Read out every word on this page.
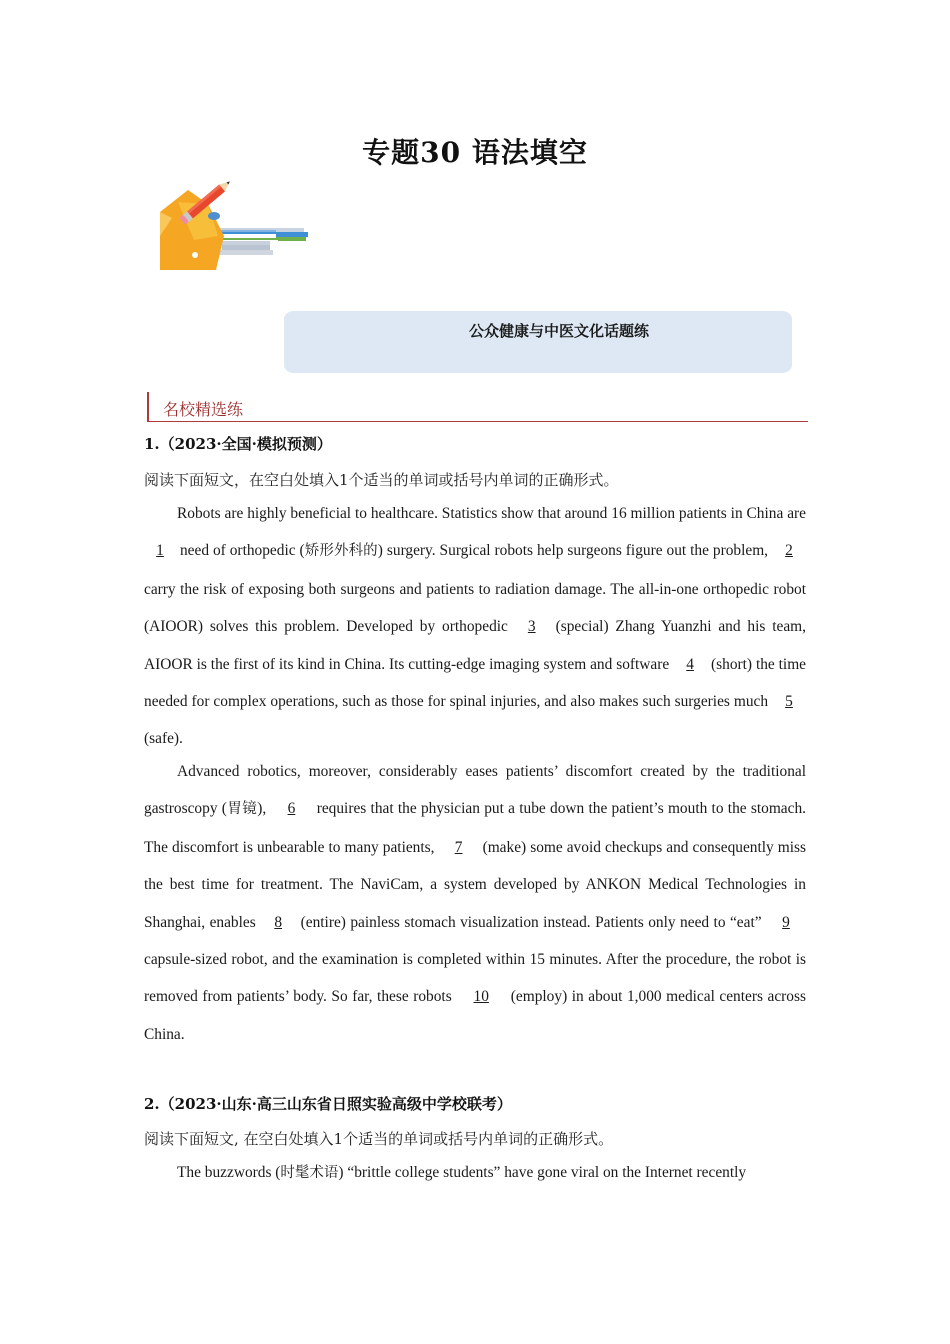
专题30 语法填空
公众健康与中医文化话题练
名校精选练
1.（2023·全国·模拟预测）
阅读下面短文，在空白处填入1个适当的单词或括号内单词的正确形式。
Robots are highly beneficial to healthcare. Statistics show that around 16 million patients in China are 1 need of orthopedic (矫形外科的) surgery. Surgical robots help surgeons figure out the problem, 2 carry the risk of exposing both surgeons and patients to radiation damage. The all-in-one orthopedic robot (AIOOR) solves this problem. Developed by orthopedic 3 (special) Zhang Yuanzhi and his team, AIOOR is the first of its kind in China. Its cutting-edge imaging system and software 4 (short) the time needed for complex operations, such as those for spinal injuries, and also makes such surgeries much 5 (safe).
Advanced robotics, moreover, considerably eases patients’ discomfort created by the traditional gastroscopy (胃镜), 6 requires that the physician put a tube down the patient’s mouth to the stomach. The discomfort is unbearable to many patients, 7 (make) some avoid checkups and consequently miss the best time for treatment. The NaviCam, a system developed by ANKON Medical Technologies in Shanghai, enables 8 (entire) painless stomach visualization instead. Patients only need to “eat” 9 capsule-sized robot, and the examination is completed within 15 minutes. After the procedure, the robot is removed from patients’ body. So far, these robots 10 (employ) in about 1,000 medical centers across China.
2.（2023·山东·高三山东省日照实验高级中学校联考）
阅读下面短文, 在空白处填入1个适当的单词或括号内单词的正确形式。
The buzzwords (时髦术语) “brittle college students” have gone viral on the Internet recently
